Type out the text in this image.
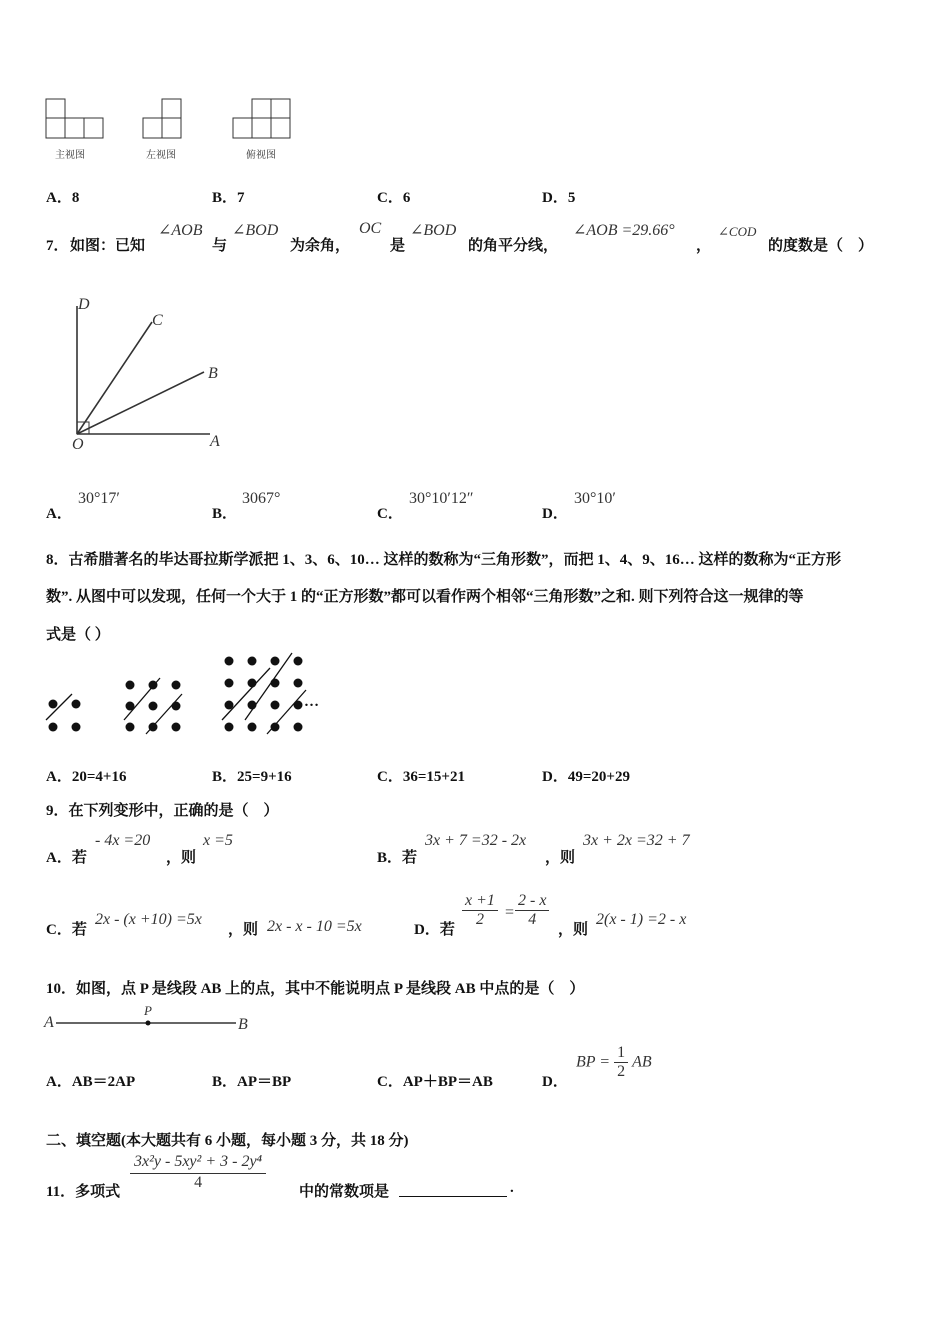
主视图	左视图	俯视图
A．8	B．7	C．6	D．5
7． 如图：已知
∠AOB
与
∠BOD
为余角，
OC
是
∠BOD
的角平分线，
∠AOB =29.66°
，
∠COD
的度数是（　）
D
C
B
O	A
A．
30°17′
B．
3067°
C．
30°10′12″
D．
30°10′
8．古希腊著名的毕达哥拉斯学派把 1、3、6、10… 这样的数称为“三角形数”，而把 1、4、9、16… 这样的数称为“正方形
数”. 从图中可以发现，任何一个大于 1 的“正方形数”都可以看作两个相邻“三角形数”之和. 则下列符合这一规律的等
式是（ ）
…
A．20=4+16	B．25=9+16	C．36=15+21	D．49=20+29
9．在下列变形中，正确的是（　）
A．若
- 4x =20
，则
x =5
B．若
3x + 7 =32 - 2x
，则
3x + 2x =32 + 7
C．若
2x - (x +10) =5x
，则 2x - x - 10 =5x	D．若
$\frac{x +1}{2} = \frac{2 - x}{4}$
，则
2(x - 1) =2 - x
10．如图，点 P 是线段 AB 上的点，其中不能说明点 P 是线段 AB 中点的是（　）
A
P
B
A．AB＝2AP	B．AP＝BP	C．AP＋BP＝AB	D．
BP = $\frac{1}{2}$ AB
二、填空题(本大题共有 6 小题，每小题 3 分，共 18 分)
11．多项式 $\frac{\text{3x²y - 5xy² + 3 - 2y⁴}}{4}$ 中的常数项是	.
